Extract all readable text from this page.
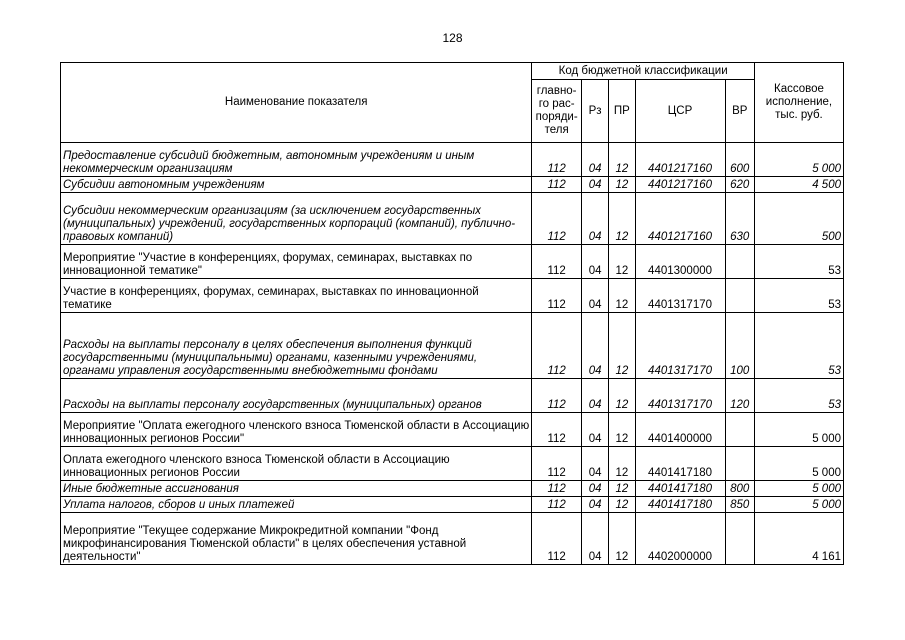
128
Наименование показателя	Код бюджетной классификации					Кассовое исполнение, тыс. руб.
	главно-го рас-поряди-теля	Рз	ПР	ЦСР	ВР	
Предоставление субсидий бюджетным, автономным учреждениям и иным некоммерческим организациям	112	04	12	4401217160	600	5 000
Субсидии автономным учреждениям	112	04	12	4401217160	620	4 500
Субсидии некоммерческим организациям (за исключением государственных (муниципальных) учреждений, государственных корпораций (компаний), публично-правовых компаний)	112	04	12	4401217160	630	500
Мероприятие "Участие в конференциях, форумах, семинарах, выставках по инновационной тематике"	112	04	12	4401300000		53
Участие в конференциях, форумах, семинарах, выставках по инновационной тематике	112	04	12	4401317170		53
Расходы на выплаты персоналу в целях обеспечения выполнения функций государственными (муниципальными) органами, казенными учреждениями, органами управления государственными внебюджетными фондами	112	04	12	4401317170	100	53
Расходы на выплаты персоналу государственных (муниципальных) органов	112	04	12	4401317170	120	53
Мероприятие "Оплата ежегодного членского взноса Тюменской области в Ассоциацию инновационных регионов России"	112	04	12	4401400000		5 000
Оплата ежегодного членского взноса Тюменской области в Ассоциацию инновационных регионов России	112	04	12	4401417180		5 000
Иные бюджетные ассигнования	112	04	12	4401417180	800	5 000
Уплата налогов, сборов и иных платежей	112	04	12	4401417180	850	5 000
Мероприятие "Текущее содержание Микрокредитной компании "Фонд микрофинансирования Тюменской области" в целях обеспечения уставной деятельности"	112	04	12	4402000000		4 161
